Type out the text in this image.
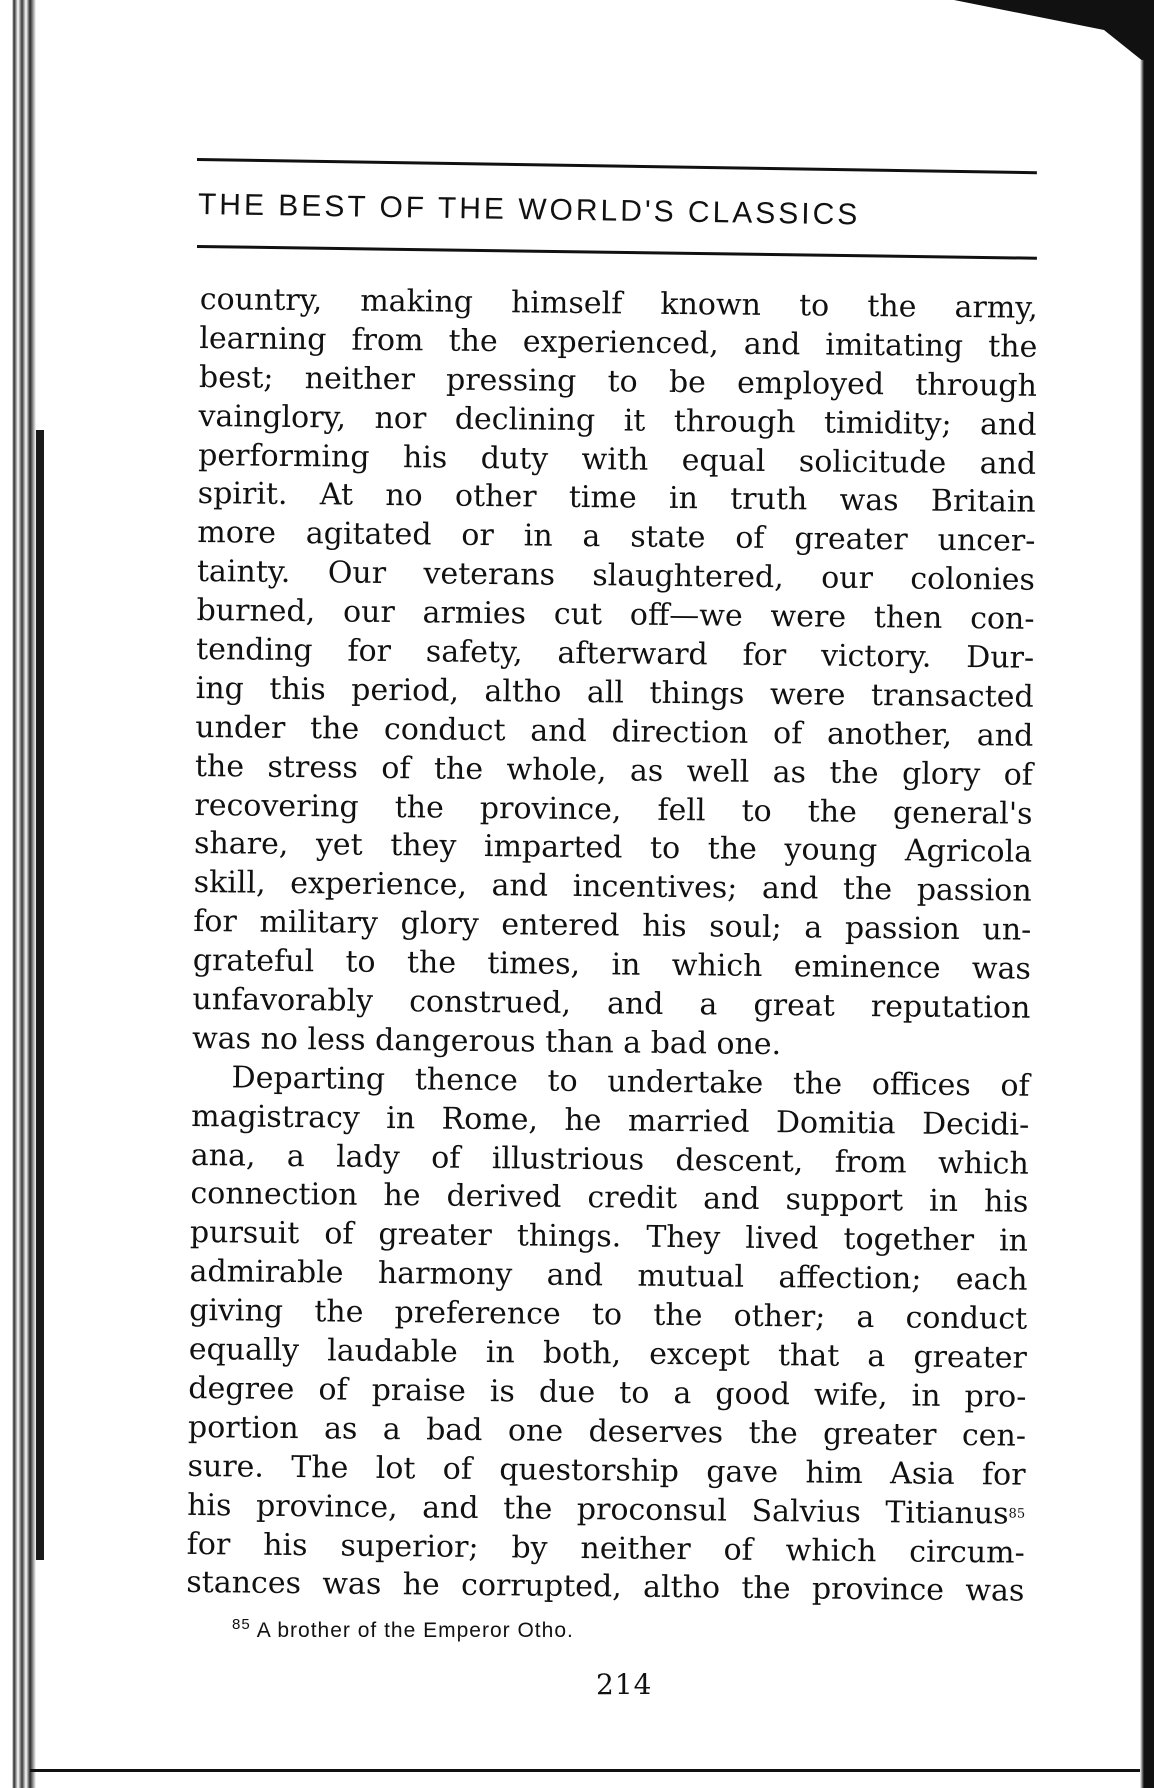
THE BEST OF THE WORLD'S CLASSICS
country, making himself known to the army,
learning from the experienced, and imitating the
best; neither pressing to be employed through
vainglory, nor declining it through timidity; and
performing his duty with equal solicitude and
spirit. At no other time in truth was Britain
more agitated or in a state of greater uncer-
tainty. Our veterans slaughtered, our colonies
burned, our armies cut off—we were then con-
tending for safety, afterward for victory. Dur-
ing this period, altho all things were transacted
under the conduct and direction of another, and
the stress of the whole, as well as the glory of
recovering the province, fell to the general's
share, yet they imparted to the young Agricola
skill, experience, and incentives; and the passion
for military glory entered his soul; a passion un-
grateful to the times, in which eminence was
unfavorably construed, and a great reputation
was no less dangerous than a bad one.
Departing thence to undertake the offices of
magistracy in Rome, he married Domitia Decidi-
ana, a lady of illustrious descent, from which
connection he derived credit and support in his
pursuit of greater things. They lived together in
admirable harmony and mutual affection; each
giving the preference to the other; a conduct
equally laudable in both, except that a greater
degree of praise is due to a good wife, in pro-
portion as a bad one deserves the greater cen-
sure. The lot of questorship gave him Asia for
his province, and the proconsul Salvius Titianus$^{85}$
for his superior; by neither of which circum-
stances was he corrupted, altho the province was
$^{85}$ A brother of the Emperor Otho.
214
